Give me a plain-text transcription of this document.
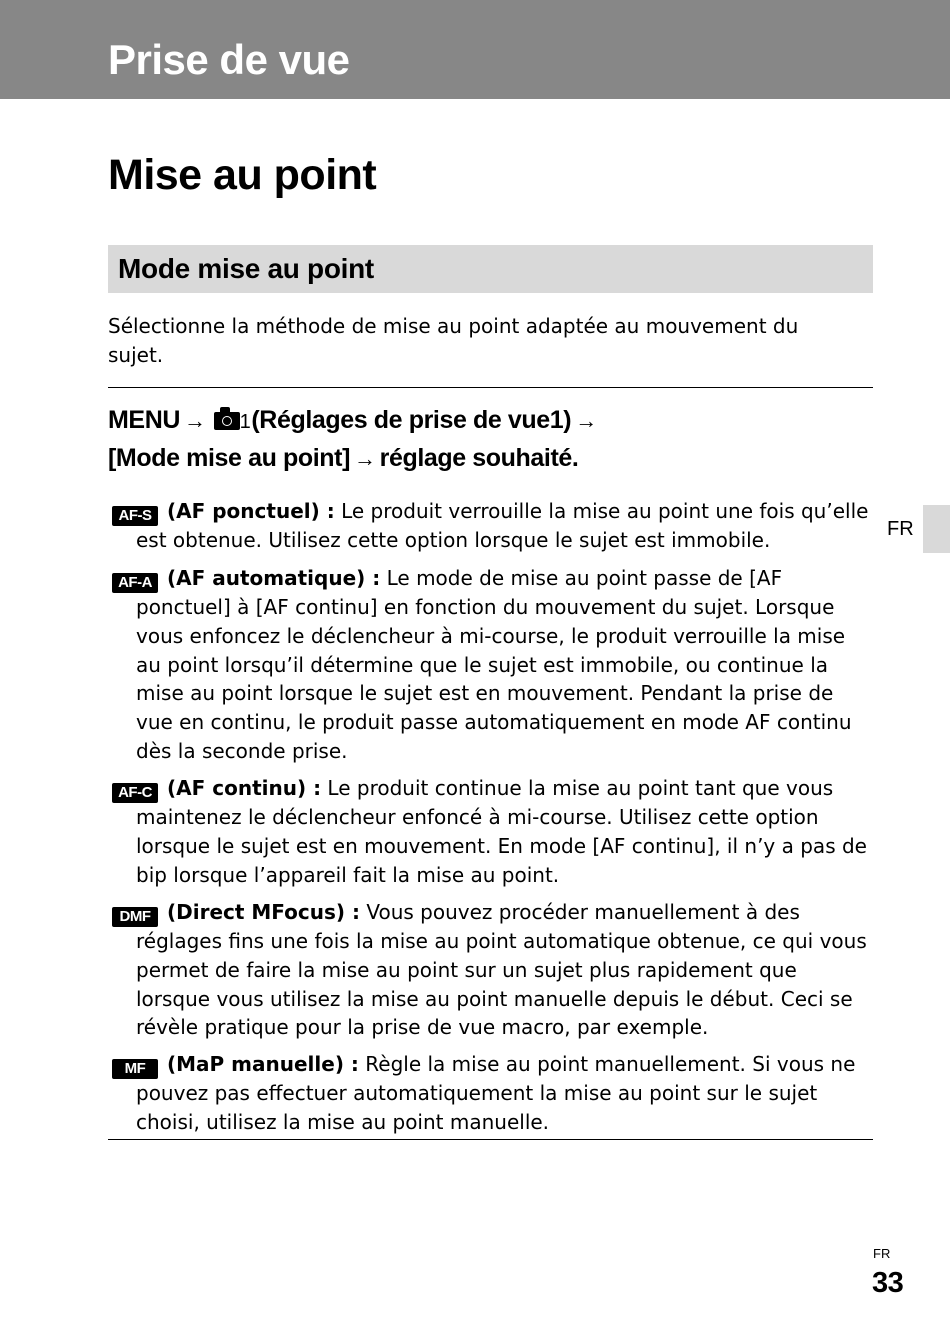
Prise de vue
Mise au point
Mode mise au point
Sélectionne la méthode de mise au point adaptée au mouvement du sujet.
MENU → 1(Réglages de prise de vue1) →
[Mode mise au point] → réglage souhaité.
AF-S (AF ponctuel) : Le produit verrouille la mise au point une fois qu’elle est obtenue. Utilisez cette option lorsque le sujet est immobile.
AF-A (AF automatique) : Le mode de mise au point passe de [AF ponctuel] à [AF continu] en fonction du mouvement du sujet. Lorsque vous enfoncez le déclencheur à mi-course, le produit verrouille la mise au point lorsqu’il détermine que le sujet est immobile, ou continue la mise au point lorsque le sujet est en mouvement. Pendant la prise de vue en continu, le produit passe automatiquement en mode AF continu dès la seconde prise.
AF-C (AF continu) : Le produit continue la mise au point tant que vous maintenez le déclencheur enfoncé à mi-course. Utilisez cette option lorsque le sujet est en mouvement. En mode [AF continu], il n’y a pas de bip lorsque l’appareil fait la mise au point.
DMF (Direct MFocus) : Vous pouvez procéder manuellement à des réglages fins une fois la mise au point automatique obtenue, ce qui vous permet de faire la mise au point sur un sujet plus rapidement que lorsque vous utilisez la mise au point manuelle depuis le début. Ceci se révèle pratique pour la prise de vue macro, par exemple.
MF (MaP manuelle) : Règle la mise au point manuellement. Si vous ne pouvez pas effectuer automatiquement la mise au point sur le sujet choisi, utilisez la mise au point manuelle.
FR
FR
33
